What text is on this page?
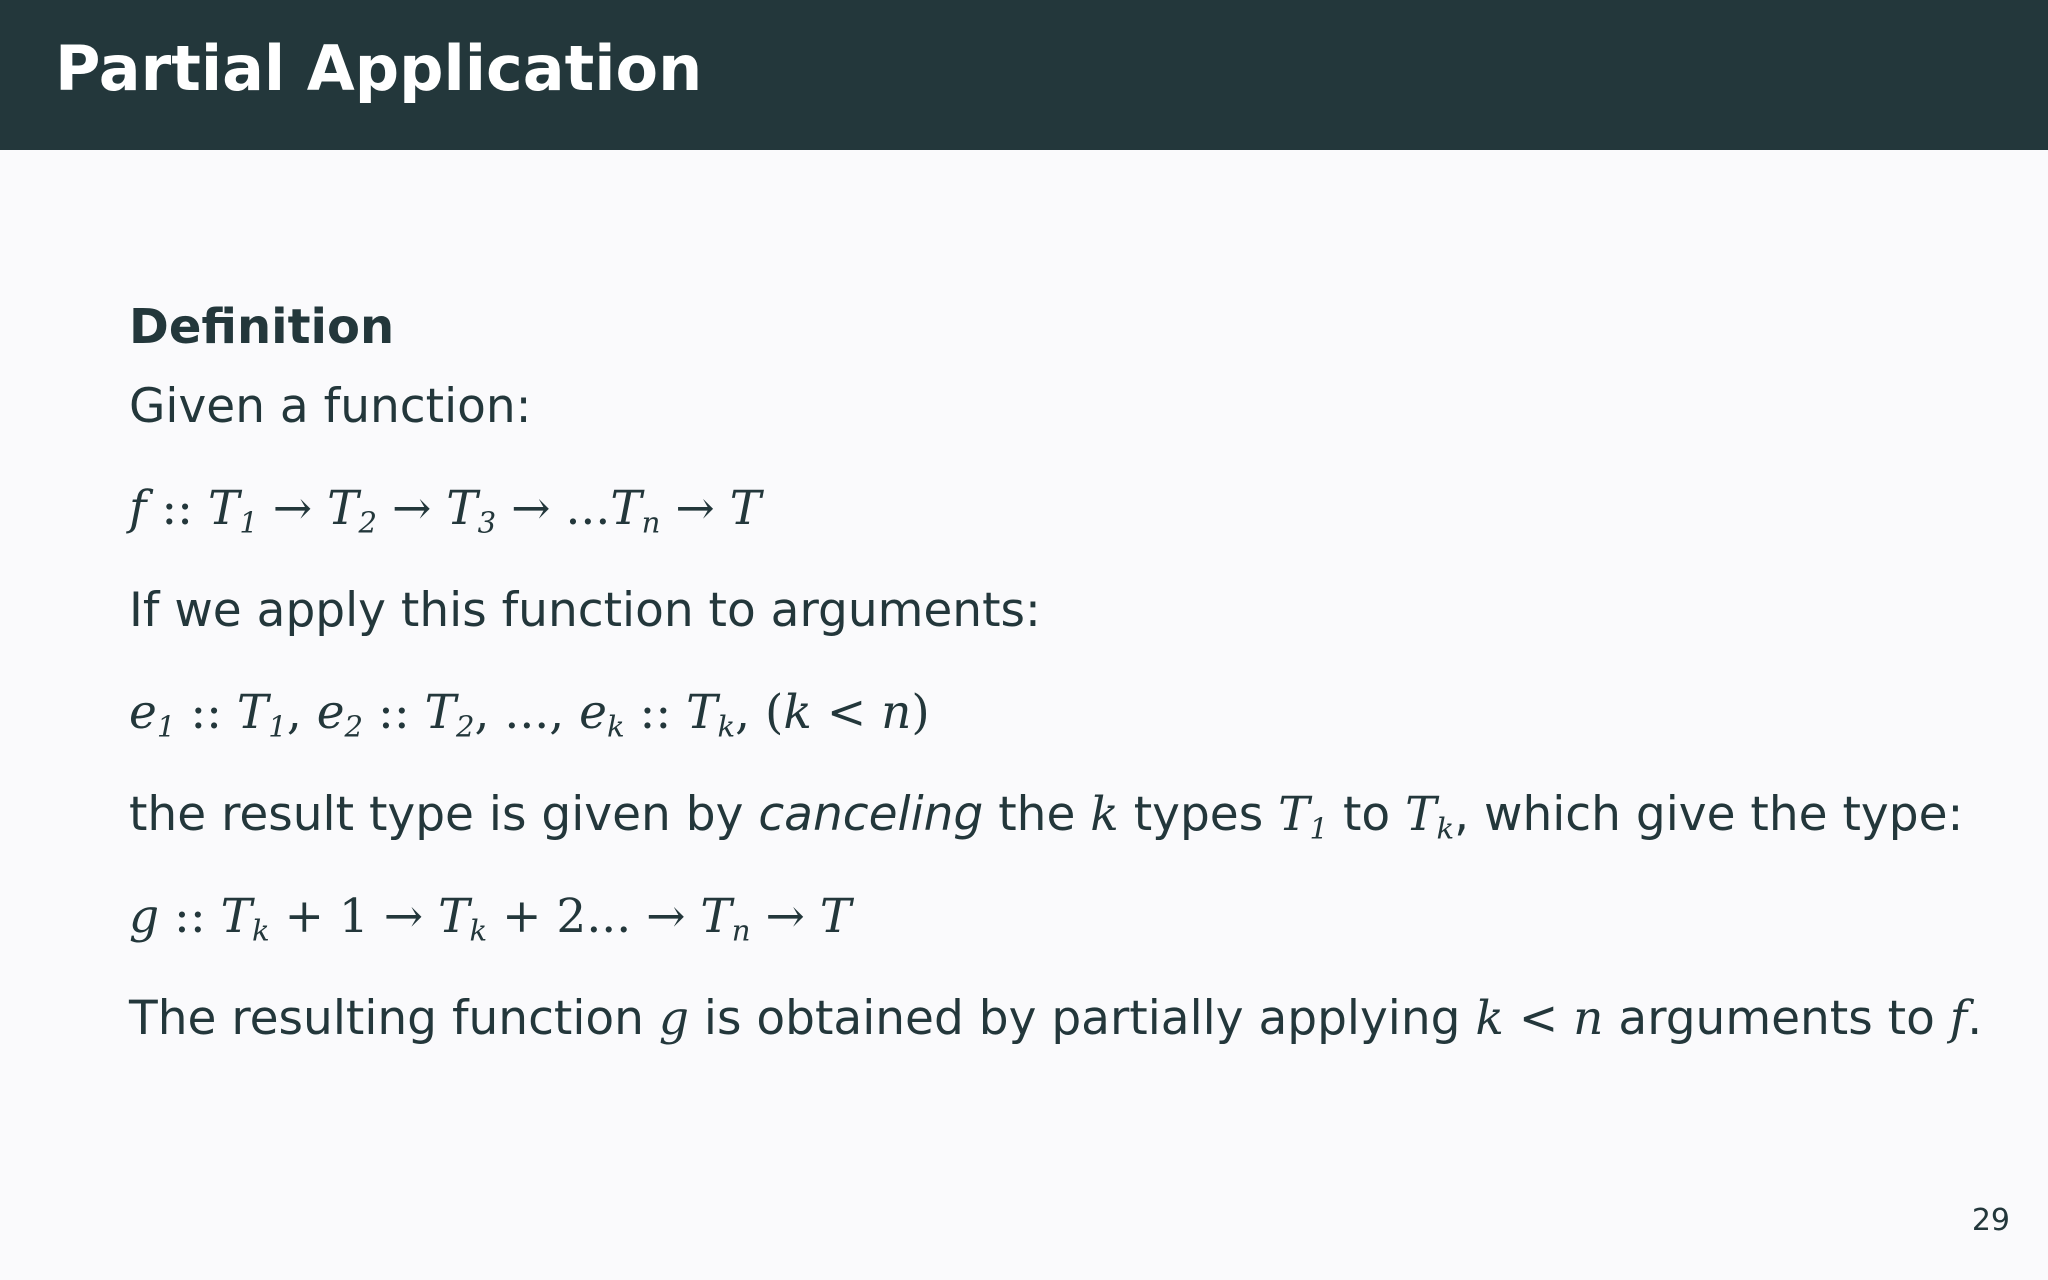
Partial Application
Definition
Given a function:
f :: $T_1 \to T_2 \to T_3 \to ...T_n \to T$
If we apply this function to arguments:
$e_1$ :: $T_1$, $e_2$ :: $T_2$, ..., $e_k$ :: $T_k$, (k < n)
the result type is given by canceling the k types $T_1$ to $T_k$, which give the type:
g :: $T_k + 1 \to T_k + 2$... → $T_n \to T$
The resulting function g is obtained by partially applying k < n arguments to f.
29
